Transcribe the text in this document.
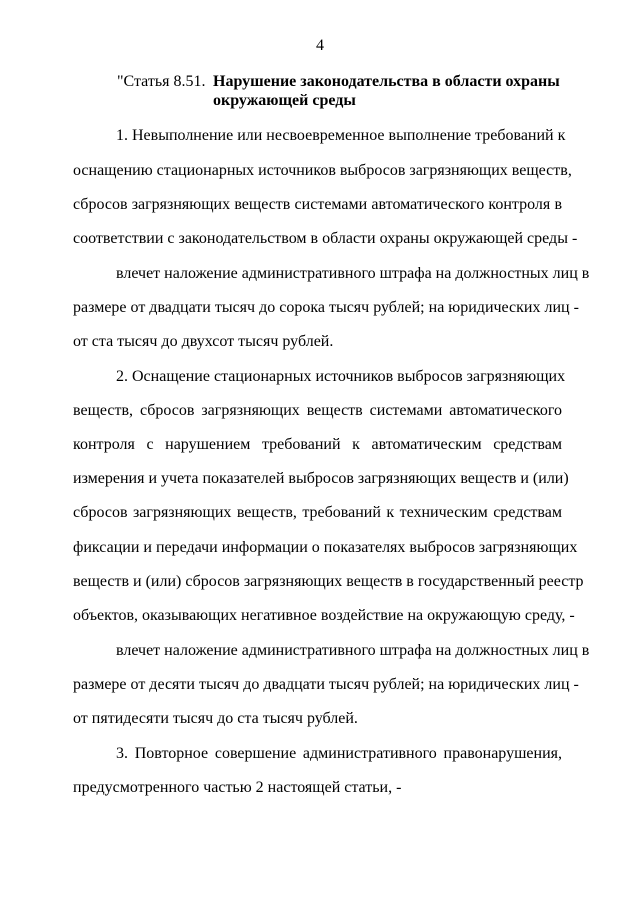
4
"Статья 8.51. Нарушение законодательства в области охраны окружающей среды
1. Невыполнение или несвоевременное выполнение требований к
оснащению стационарных источников выбросов загрязняющих веществ,
сбросов загрязняющих веществ системами автоматического контроля в
соответствии с законодательством в области охраны окружающей среды -
влечет наложение административного штрафа на должностных лиц в
размере от двадцати тысяч до сорока тысяч рублей; на юридических лиц -
от ста тысяч до двухсот тысяч рублей.
2. Оснащение стационарных источников выбросов загрязняющих
веществ, сбросов загрязняющих веществ системами автоматического
контроля с нарушением требований к автоматическим средствам
измерения и учета показателей выбросов загрязняющих веществ и (или)
сбросов загрязняющих веществ, требований к техническим средствам
фиксации и передачи информации о показателях выбросов загрязняющих
веществ и (или) сбросов загрязняющих веществ в государственный реестр
объектов, оказывающих негативное воздействие на окружающую среду, -
влечет наложение административного штрафа на должностных лиц в
размере от десяти тысяч до двадцати тысяч рублей; на юридических лиц -
от пятидесяти тысяч до ста тысяч рублей.
3. Повторное совершение административного правонарушения,
предусмотренного частью 2 настоящей статьи, -
